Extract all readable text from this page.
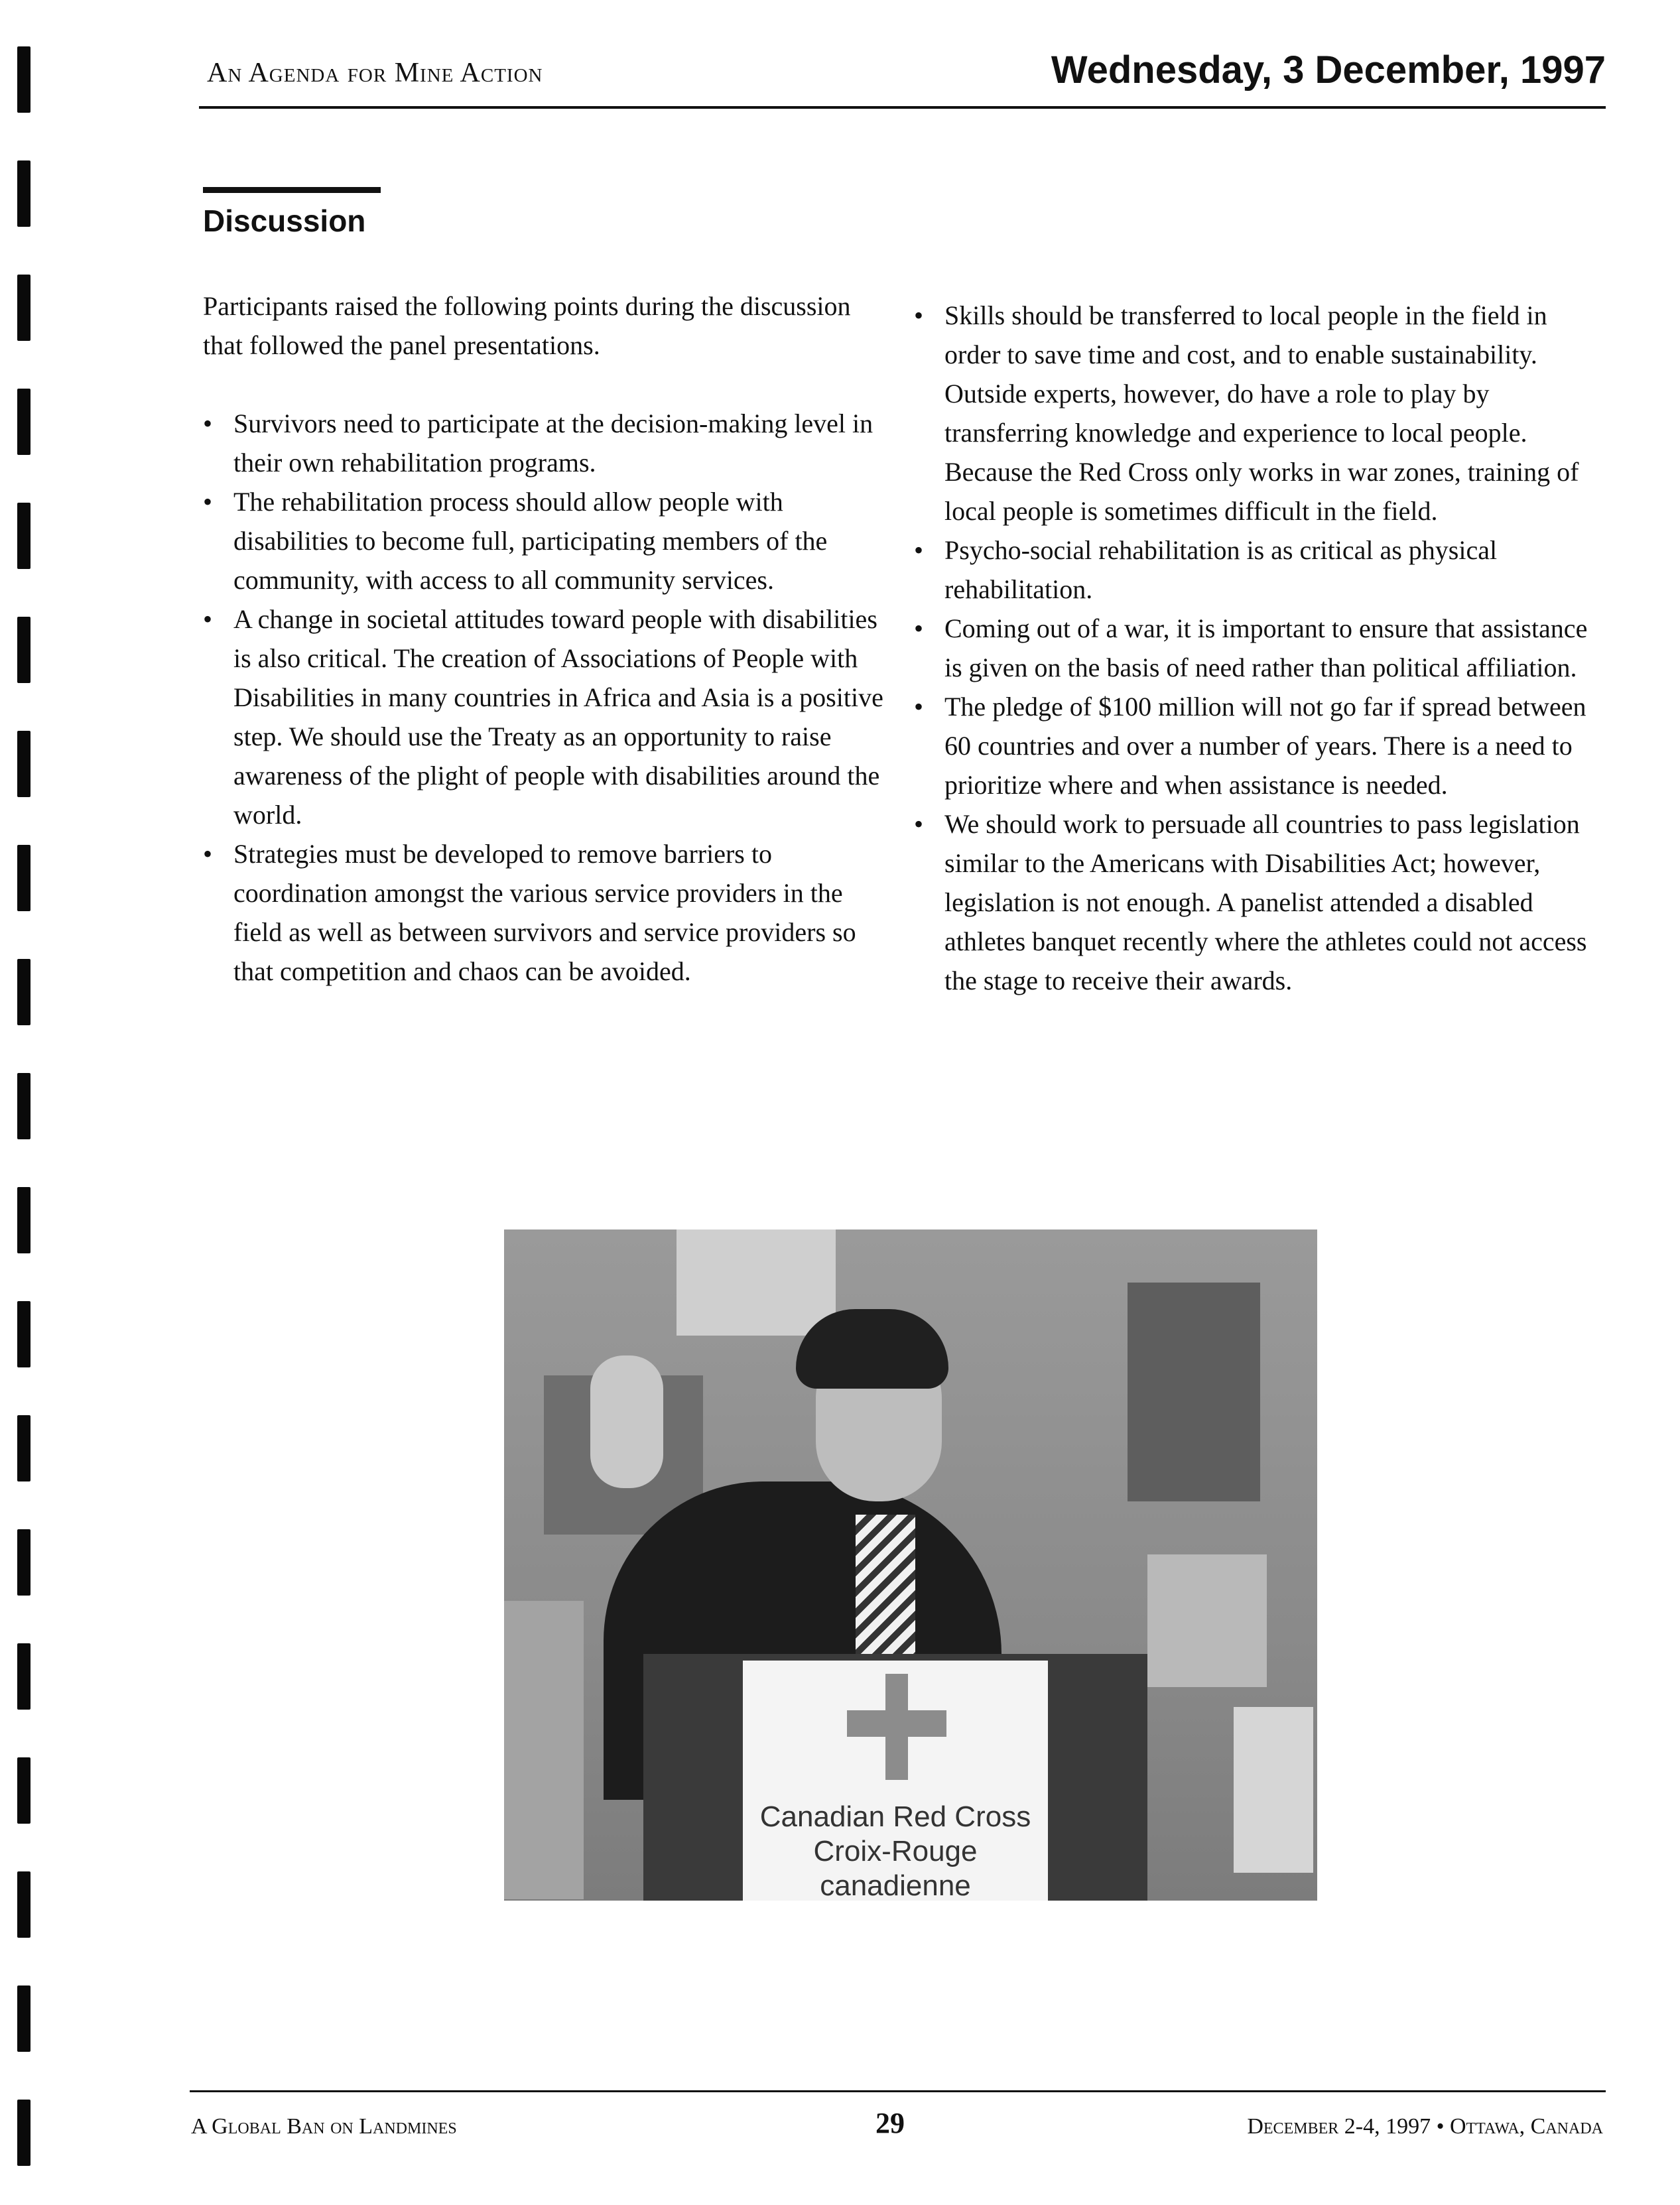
An Agenda for Mine Action	Wednesday, 3 December, 1997
Discussion

Participants raised the following points during the discussion that followed the panel presentations.

• Survivors need to participate at the decision-making level in their own rehabilitation programs.
• The rehabilitation process should allow people with disabilities to become full, participating members of the community, with access to all community services.
• A change in societal attitudes toward people with disabilities is also critical. The creation of Associations of People with Disabilities in many countries in Africa and Asia is a positive step. We should use the Treaty as an opportunity to raise awareness of the plight of people with disabilities around the world.
• Strategies must be developed to remove barriers to coordination amongst the various service providers in the field as well as between survivors and service providers so that competition and chaos can be avoided.
• Skills should be transferred to local people in the field in order to save time and cost, and to enable sustainability. Outside experts, however, do have a role to play by transferring knowledge and experience to local people. Because the Red Cross only works in war zones, training of local people is sometimes difficult in the field.
• Psycho-social rehabilitation is as critical as physical rehabilitation.
• Coming out of a war, it is important to ensure that assistance is given on the basis of need rather than political affiliation.
• The pledge of $100 million will not go far if spread between 60 countries and over a number of years. There is a need to prioritize where and when assistance is needed.
• We should work to persuade all countries to pass legislation similar to the Americans with Disabilities Act; however, legislation is not enough. A panelist attended a disabled athletes banquet recently where the athletes could not access the stage to receive their awards.
Canadian Red Cross
Croix-Rouge canadienne
A Global Ban on Landmines	29	December 2-4, 1997 • Ottawa, Canada
